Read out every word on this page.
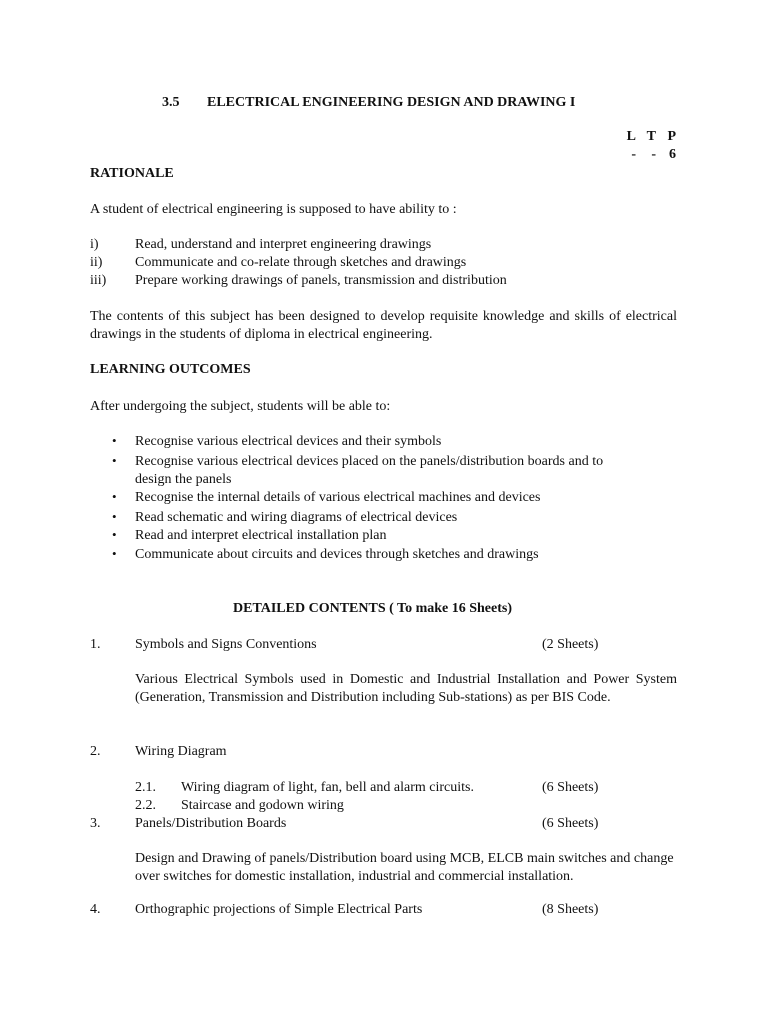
3.5 ELECTRICAL ENGINEERING DESIGN AND DRAWING I
L T P
- - 6
RATIONALE
A student of electrical engineering is supposed to have ability to :
i)	Read, understand and interpret engineering drawings
ii) Communicate and co-relate through sketches and drawings
iii) Prepare working drawings of panels, transmission and distribution
The contents of this subject has been designed to develop requisite knowledge and skills of electrical drawings in the students of diploma in electrical engineering.
LEARNING OUTCOMES
After undergoing the subject, students will be able to:
• Recognise various electrical devices and their symbols
• Recognise various electrical devices placed on the panels/distribution boards and to
design the panels
• Recognise the internal details of various electrical machines and devices
• Read schematic and wiring diagrams of electrical devices
• Read and interpret electrical installation plan
• Communicate about circuits and devices through sketches and drawings
DETAILED CONTENTS ( To make 16 Sheets)
1. Symbols and Signs Conventions	(2 Sheets)
Various Electrical Symbols used in Domestic and Industrial Installation and Power System (Generation, Transmission and Distribution including Sub-stations) as per BIS Code.
2. Wiring Diagram
2.1. Wiring diagram of light, fan, bell and alarm circuits.	(6 Sheets)
2.2. Staircase and godown wiring
3. Panels/Distribution Boards	(6 Sheets)
Design and Drawing of panels/Distribution board using MCB, ELCB main switches and change over switches for domestic installation, industrial and commercial installation.
4. Orthographic projections of Simple Electrical Parts	(8 Sheets)
